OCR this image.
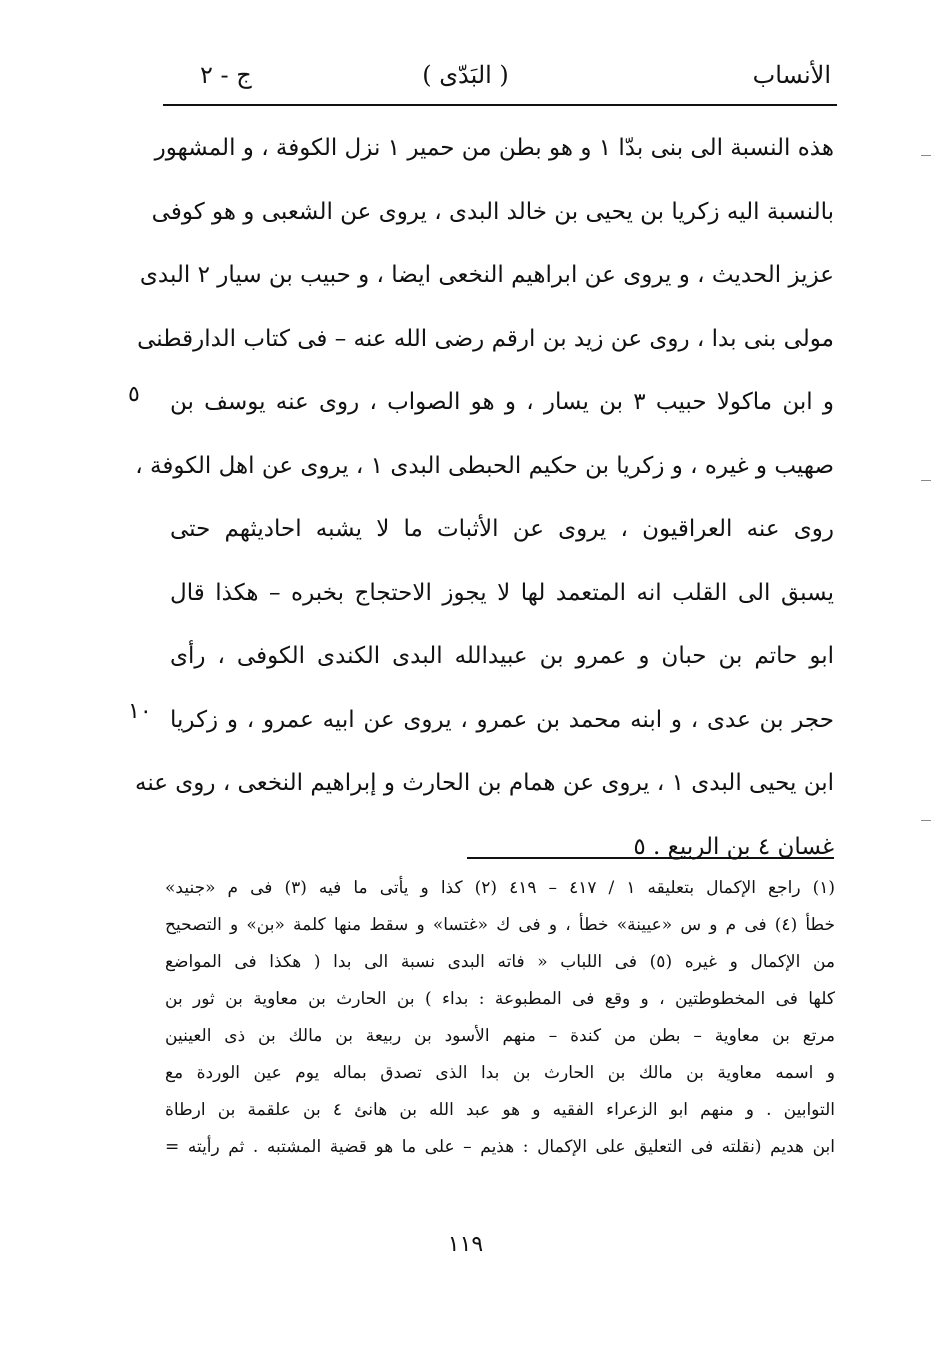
ج - ٢	( البَدّى )	الأنساب
هذه النسبة الى بنى بدّا ١ و هو بطن من حمير ١ نزل الكوفة ، و المشهور
بالنسبة اليه زكريا بن يحيى بن خالد البدى ، يروى عن الشعبى و هو كوفى
عزيز الحديث ، و يروى عن ابراهيم النخعى ايضا ، و حبيب بن سيار ٢ البدى
مولى بنى بدا ، روى عن زيد بن ارقم رضى الله عنه – فى كتاب الدارقطنى
و ابن ماكولا حبيب ٣ بن يسار ، و هو الصواب ، روى عنه يوسف بن
صهيب و غيره ، و زكريا بن حكيم الحبطى البدى ١ ، يروى عن اهل الكوفة ،
روى عنه العراقيون ، يروى عن الأثبات ما لا يشبه احاديثهم حتى
يسبق الى القلب انه المتعمد لها لا يجوز الاحتجاج بخبره – هكذا قال
ابو حاتم بن حبان و عمرو بن عبيدالله البدى الكندى الكوفى ، رأى
حجر بن عدى ، و ابنه محمد بن عمرو ، يروى عن ابيه عمرو ، و زكريا
ابن يحيى البدى ١ ، يروى عن همام بن الحارث و إبراهيم النخعى ، روى عنه
غسان ٤ بن الربيع . ٥
٥
١٠
(١) راجع الإكمال بتعليقه ١ / ٤١٧ – ٤١٩ (٢) كذا و يأتى ما فيه (٣) فى م «جنيد»
خطأ (٤) فى م و س «عيينة» خطأ ، و فى ك «غتسا» و سقط منها كلمة «بن» و التصحيح
من الإكمال و غيره (٥) فى اللباب « فاته البدى نسبة الى بدا ( هكذا فى المواضع
كلها فى المخطوطتين ، و وقع فى المطبوعة : بداء ) بن الحارث بن معاوية بن ثور بن
مرتع بن معاوية – بطن من كندة – منهم الأسود بن ربيعة بن مالك بن ذى العينين
و اسمه معاوية بن مالك بن الحارث بن بدا الذى تصدق بماله يوم عين الوردة مع
التوابين . و منهم ابو الزعراء الفقيه و هو عبد الله بن هانئ ٤ بن علقمة بن ارطاة
ابن هديم (نقلته فى التعليق على الإكمال : هذيم – على ما هو قضية المشتبه . ثم رأيته =
١١٩
